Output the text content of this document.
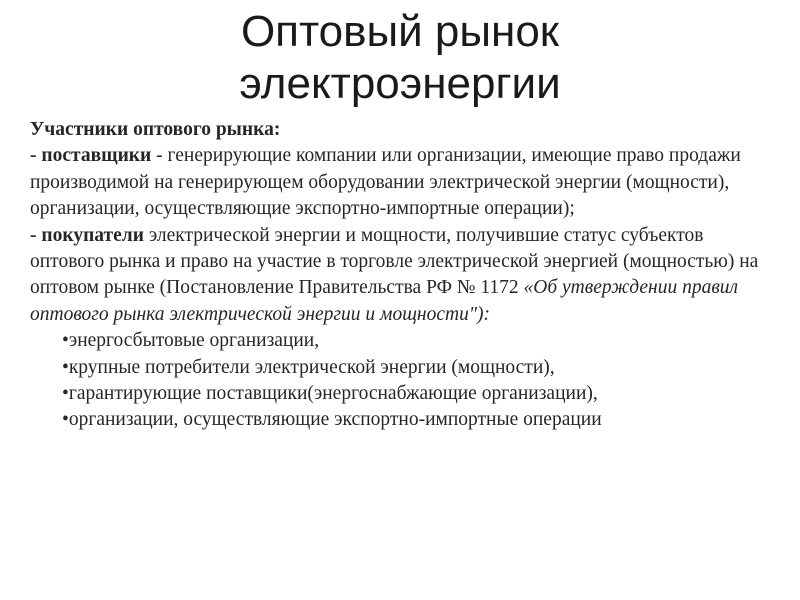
Оптовый рынок
электроэнергии

Участники оптового рынка:

- поставщики - генерирующие компании или организации, имеющие право продажи производимой на генерирующем оборудовании электрической энергии (мощности), организации, осуществляющие экспортно-импортные операции);

- покупатели электрической энергии и мощности, получившие статус субъектов оптового рынка и право на участие в торговле электрической энергией (мощностью) на оптовом рынке (Постановление Правительства РФ № 1172 «Об утверждении правил оптового рынка электрической энергии и мощности"):

• энергосбытовые организации,
• крупные потребители электрической энергии (мощности),
• гарантирующие поставщики(энергоснабжающие организации),
• организации, осуществляющие экспортно-импортные операции
